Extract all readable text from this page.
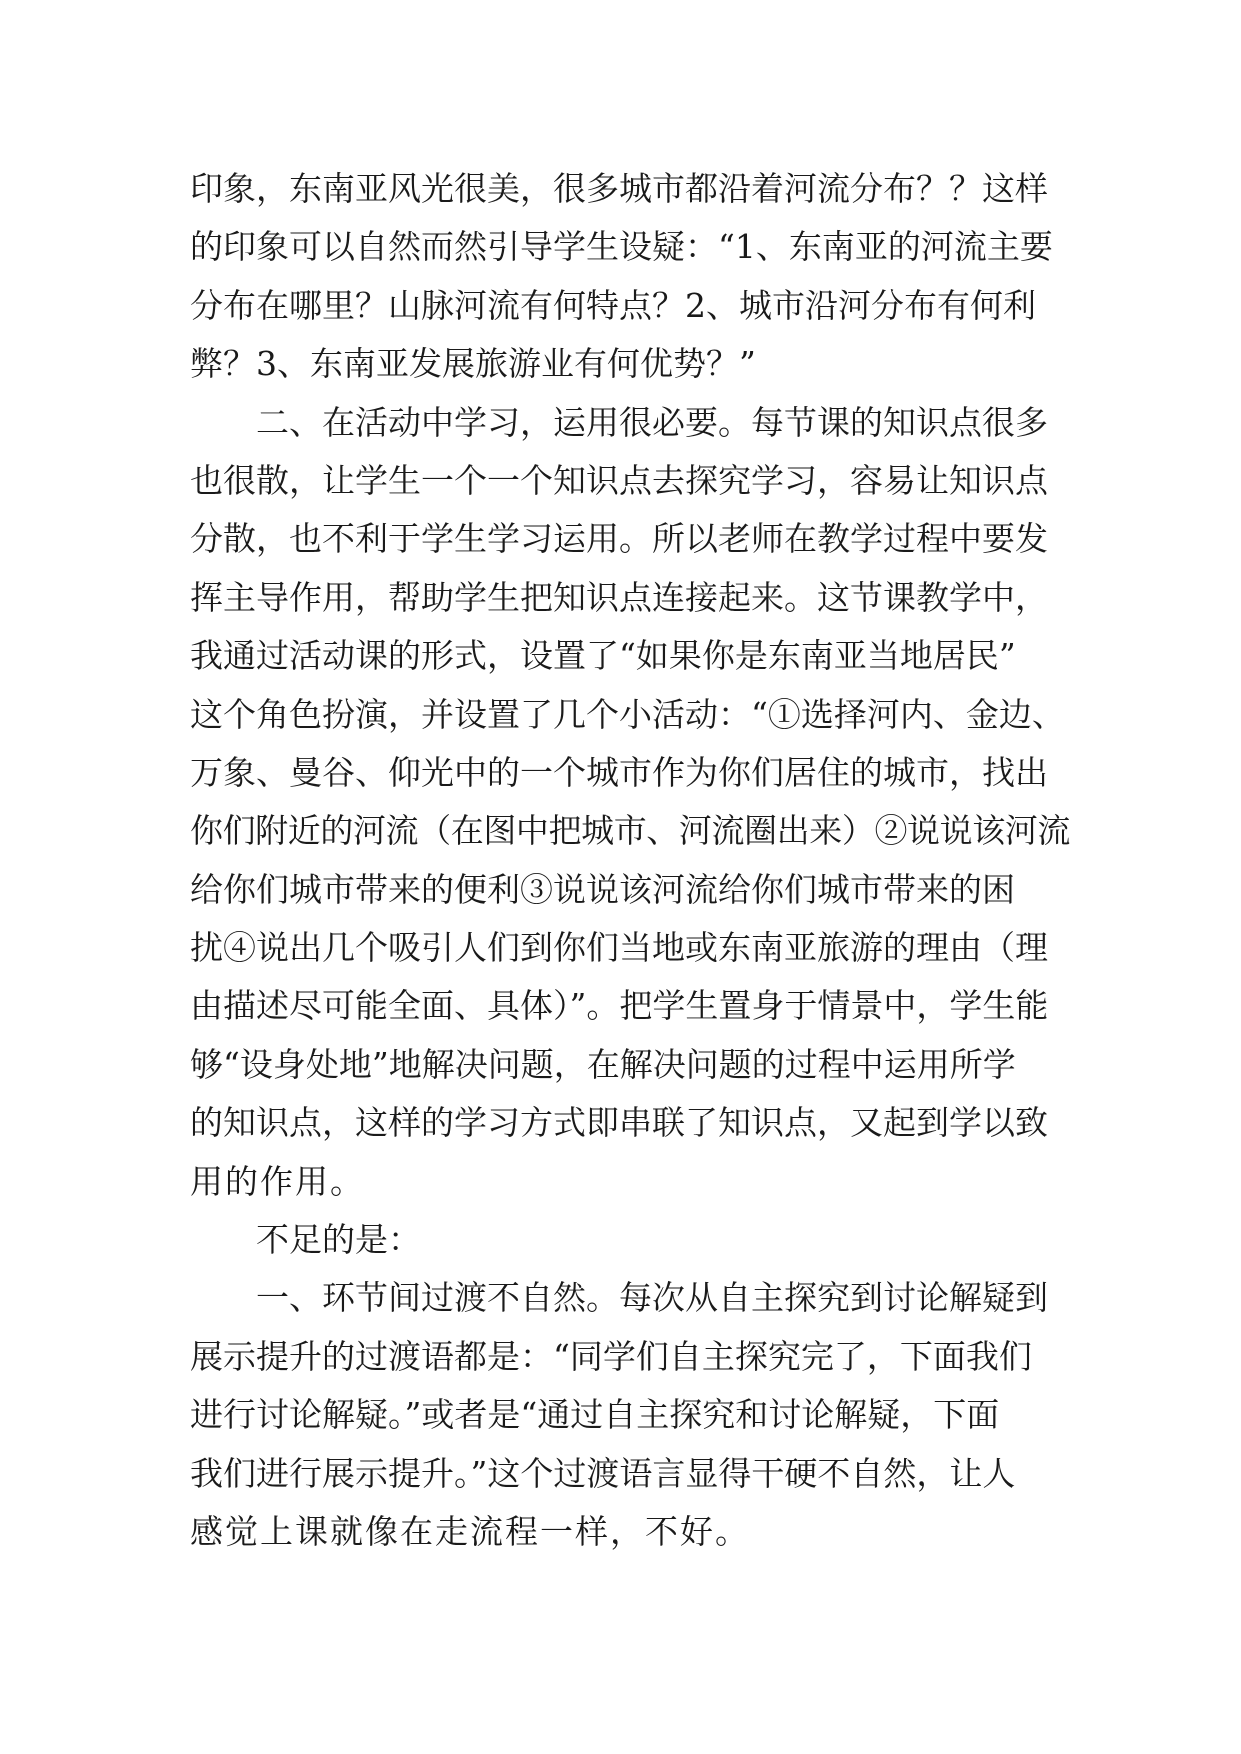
印象，东南亚风光很美，很多城市都沿着河流分布？？这样
的印象可以自然而然引导学生设疑：“1、东南亚的河流主要
分布在哪里？山脉河流有何特点？2、城市沿河分布有何利
弊？3、东南亚发展旅游业有何优势？”
二、在活动中学习，运用很必要。每节课的知识点很多
也很散，让学生一个一个知识点去探究学习，容易让知识点
分散，也不利于学生学习运用。所以老师在教学过程中要发
挥主导作用，帮助学生把知识点连接起来。这节课教学中，
我通过活动课的形式，设置了“如果你是东南亚当地居民”
这个角色扮演，并设置了几个小活动：“①选择河内、金边、
万象、曼谷、仰光中的一个城市作为你们居住的城市，找出
你们附近的河流（在图中把城市、河流圈出来）②说说该河流
给你们城市带来的便利③说说该河流给你们城市带来的困
扰④说出几个吸引人们到你们当地或东南亚旅游的理由（理
由描述尽可能全面、具体）”。把学生置身于情景中，学生能
够“设身处地”地解决问题，在解决问题的过程中运用所学
的知识点，这样的学习方式即串联了知识点，又起到学以致
用的作用。
不足的是：
一、环节间过渡不自然。每次从自主探究到讨论解疑到
展示提升的过渡语都是：“同学们自主探究完了，下面我们
进行讨论解疑。”或者是“通过自主探究和讨论解疑，下面
我们进行展示提升。”这个过渡语言显得干硬不自然，让人
感觉上课就像在走流程一样，不好。
